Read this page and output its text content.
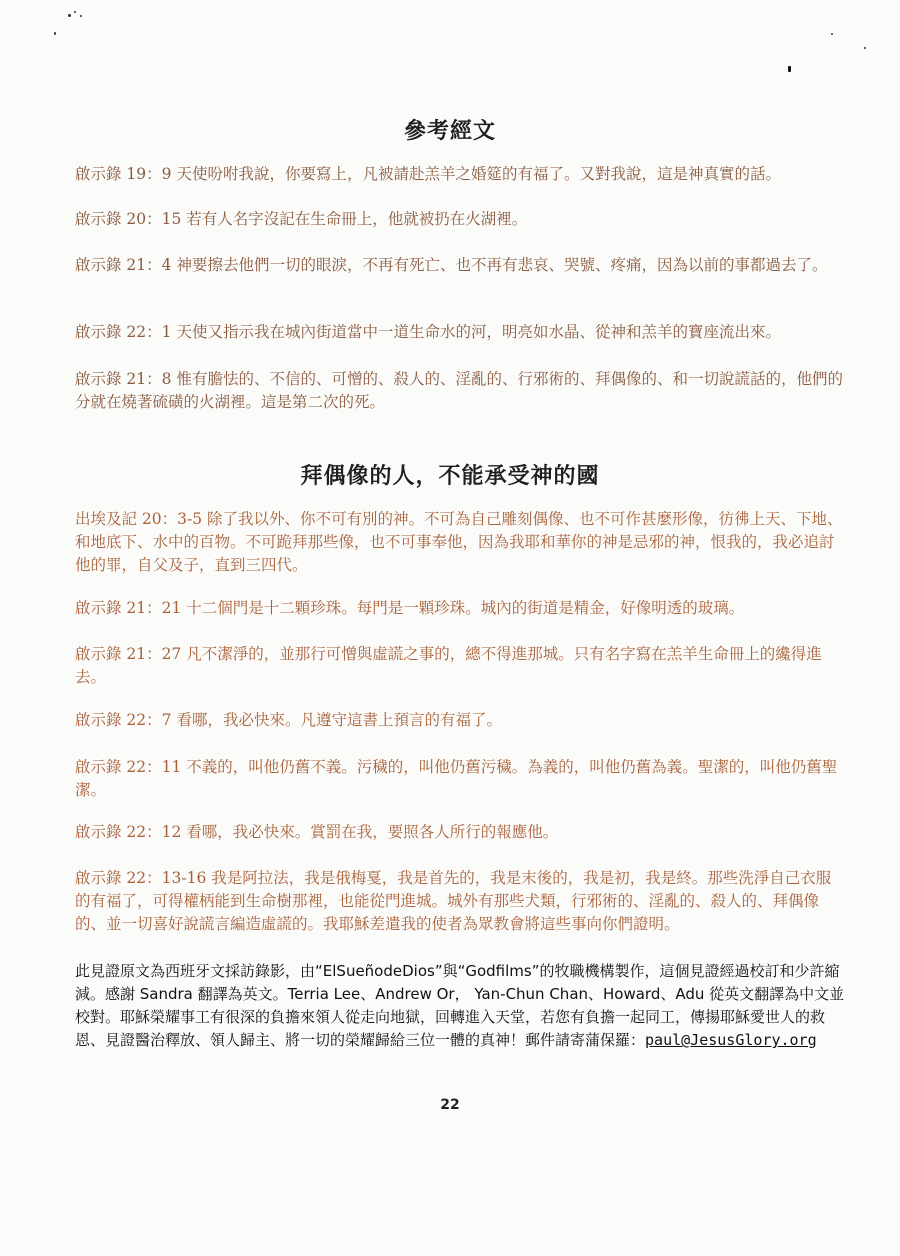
參考經文

啟示錄 19：9 天使吩咐我說，你要寫上，凡被請赴羔羊之婚筵的有福了。又對我說，這是神真實的話。

啟示錄 20：15 若有人名字沒記在生命冊上，他就被扔在火湖裡。

啟示錄 21：4 神要擦去他們一切的眼淚，不再有死亡、也不再有悲哀、哭號、疼痛，因為以前的事都過去了。

啟示錄 22：1 天使又指示我在城內街道當中一道生命水的河，明亮如水晶、從神和羔羊的寶座流出來。

啟示錄 21：8 惟有膽怯的、不信的、可憎的、殺人的、淫亂的、行邪術的、拜偶像的、和一切說謊話的，他們的分就在燒著硫磺的火湖裡。這是第二次的死。

拜偶像的人，不能承受神的國

出埃及記 20：3-5 除了我以外、你不可有別的神。不可為自己雕刻偶像、也不可作甚麼形像，彷彿上天、下地、和地底下、水中的百物。不可跪拜那些像，也不可事奉他，因為我耶和華你的神是忌邪的神，恨我的，我必追討他的罪，自父及子，直到三四代。

啟示錄 21：21 十二個門是十二顆珍珠。每門是一顆珍珠。城內的街道是精金，好像明透的玻璃。

啟示錄 21：27 凡不潔淨的，並那行可憎與虛謊之事的，總不得進那城。只有名字寫在羔羊生命冊上的纔得進去。

啟示錄 22：7 看哪，我必快來。凡遵守這書上預言的有福了。

啟示錄 22：11 不義的，叫他仍舊不義。污穢的，叫他仍舊污穢。為義的，叫他仍舊為義。聖潔的，叫他仍舊聖潔。

啟示錄 22：12 看哪，我必快來。賞罰在我，要照各人所行的報應他。

啟示錄 22：13-16 我是阿拉法，我是俄梅戛，我是首先的，我是末後的，我是初，我是終。那些洗淨自己衣服的有福了，可得權柄能到生命樹那裡，也能從門進城。城外有那些犬類，行邪術的、淫亂的、殺人的、拜偶像的、並一切喜好說謊言編造虛謊的。我耶穌差遣我的使者為眾教會將這些事向你們證明。

此見證原文為西班牙文採訪錄影，由“ElSueñodeDios”與“Godfilms”的牧職機構製作，這個見證經過校訂和少許縮減。感謝 Sandra 翻譯為英文。Terria Lee、Andrew Or， Yan-Chun Chan、Howard、Adu 從英文翻譯為中文並校對。耶穌榮耀事工有很深的負擔來領人從走向地獄，回轉進入天堂，若您有負擔一起同工，傳揚耶穌愛世人的救恩、見證醫治釋放、領人歸主、將一切的榮耀歸給三位一體的真神！郵件請寄蒲保羅：paul@JesusGlory.org

22
